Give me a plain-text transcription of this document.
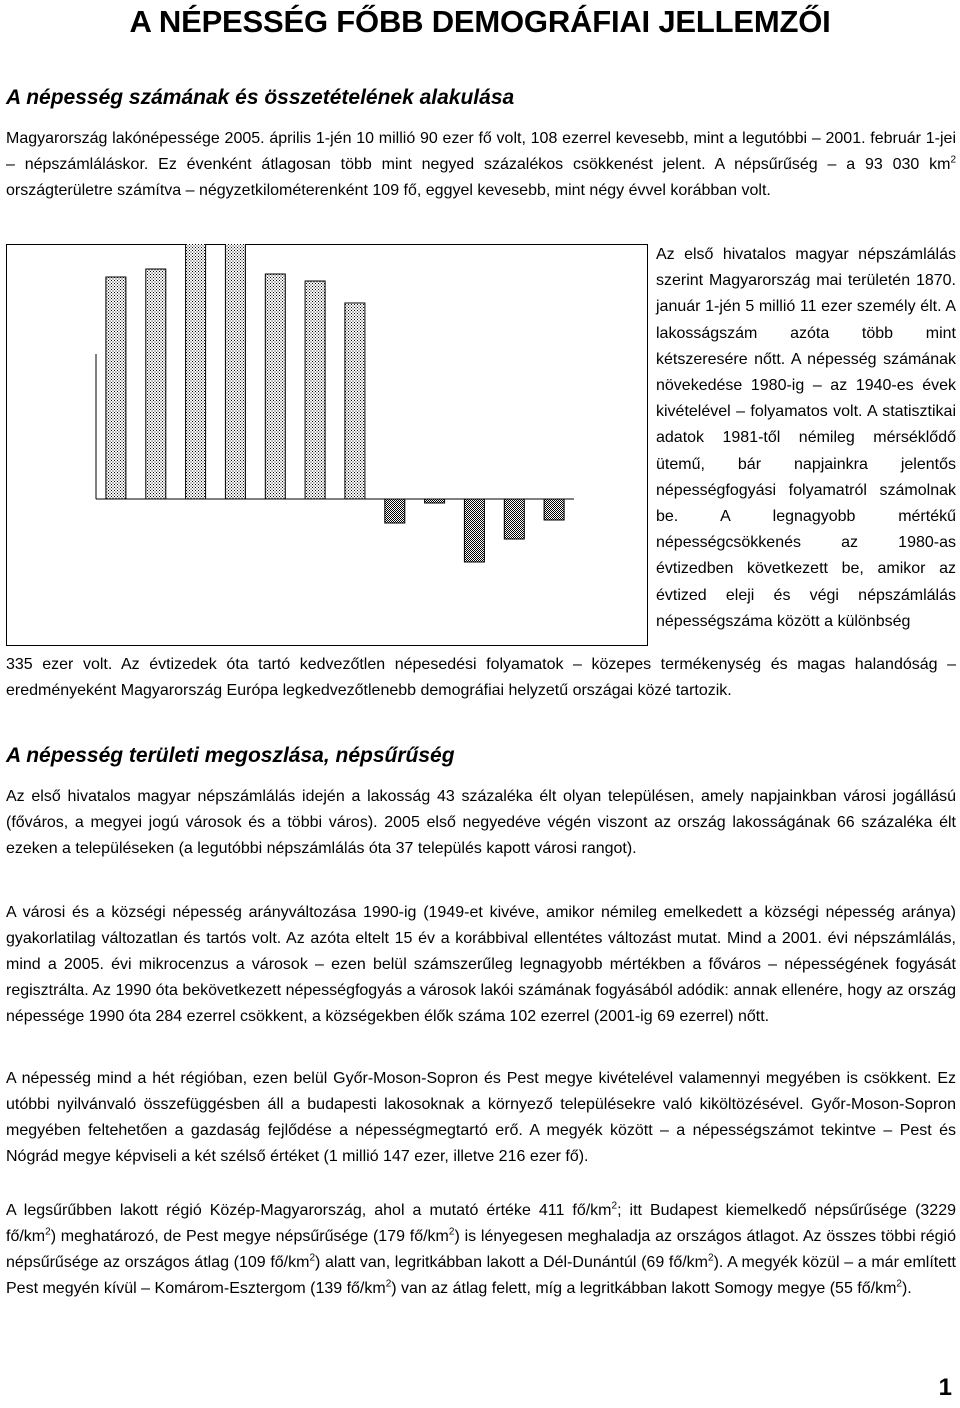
A NÉPESSÉG FŐBB DEMOGRÁFIAI JELLEMZŐI
A népesség számának és összetételének alakulása

Magyarország lakónépessége 2005. április 1-jén 10 millió 90 ezer fő volt, 108 ezerrel kevesebb, mint a legutóbbi – 2001. február 1-jei – népszámláláskor. Ez évenként átlagosan több mint negyed százalékos csökkenést jelent. A népsűrűség – a 93 030 $km^2$ országterületre számítva – négyzetkilométerenként 109 fő, eggyel kevesebb, mint négy évvel korábban volt.

Az első hivatalos magyar népszámlálás szerint Magyarország mai területén 1870. január 1-jén 5 millió 11 ezer személy élt. A lakosságszám azóta több mint kétszeresére nőtt. A népesség számának növekedése 1980-ig – az 1940-es évek kivételével – folyamatos volt. A statisztikai adatok 1981-től némileg mérséklődő ütemű, bár napjainkra jelentős népességfogyási folyamatról számolnak be. A legnagyobb mértékű népességcsökkenés az 1980-as évtizedben következett be, amikor az évtized eleji és végi népszámlálás népességszáma között a különbség

335 ezer volt. Az évtizedek óta tartó kedvezőtlen népesedési folyamatok – közepes termékenység és magas halandóság – eredményeként Magyarország Európa legkedvezőtlenebb demográfiai helyzetű országai közé tartozik.

A népesség területi megoszlása, népsűrűség

Az első hivatalos magyar népszámlálás idején a lakosság 43 százaléka élt olyan településen, amely napjainkban városi jogállású (főváros, a megyei jogú városok és a többi város). 2005 első negyedéve végén viszont az ország lakosságának 66 százaléka élt ezeken a településeken (a legutóbbi népszámlálás óta 37 település kapott városi rangot).

A városi és a községi népesség arányváltozása 1990-ig (1949-et kivéve, amikor némileg emelkedett a községi népesség aránya) gyakorlatilag változatlan és tartós volt. Az azóta eltelt 15 év a korábbival ellentétes változást mutat. Mind a 2001. évi népszámlálás, mind a 2005. évi mikrocenzus a városok – ezen belül számszerűleg legnagyobb mértékben a főváros – népességének fogyását regisztrálta. Az 1990 óta bekövetkezett népességfogyás a városok lakói számának fogyásából adódik: annak ellenére, hogy az ország népessége 1990 óta 284 ezerrel csökkent, a községekben élők száma 102 ezerrel (2001-ig 69 ezerrel) nőtt.

A népesség mind a hét régióban, ezen belül Győr-Moson-Sopron és Pest megye kivételével valamennyi megyében is csökkent. Ez utóbbi nyilvánvaló összefüggésben áll a budapesti lakosoknak a környező településekre való kiköltözésével. Győr-Moson-Sopron megyében feltehetően a gazdaság fejlődése a népességmegtartó erő. A megyék között – a népességszámot tekintve – Pest és Nógrád megye képviseli a két szélső értéket (1 millió 147 ezer, illetve 216 ezer fő).

A legsűrűbben lakott régió Közép-Magyarország, ahol a mutató értéke 411 $fő/km^2$; itt Budapest kiemelkedő népsűrűsége (3229 $fő/km^2$) meghatározó, de Pest megye népsűrűsége (179 $fő/km^2$) is lényegesen meghaladja az országos átlagot. Az összes többi régió népsűrűsége az országos átlag (109 $fő/km^2$) alatt van, legritkábban lakott a Dél-Dunántúl (69 $fő/km^2$). A megyék közül – a már említett Pest megyén kívül – Komárom-Esztergom (139 $fő/km^2$) van az átlag felett, míg a legritkábban lakott Somogy megye (55 $fő/km^2$).

1
